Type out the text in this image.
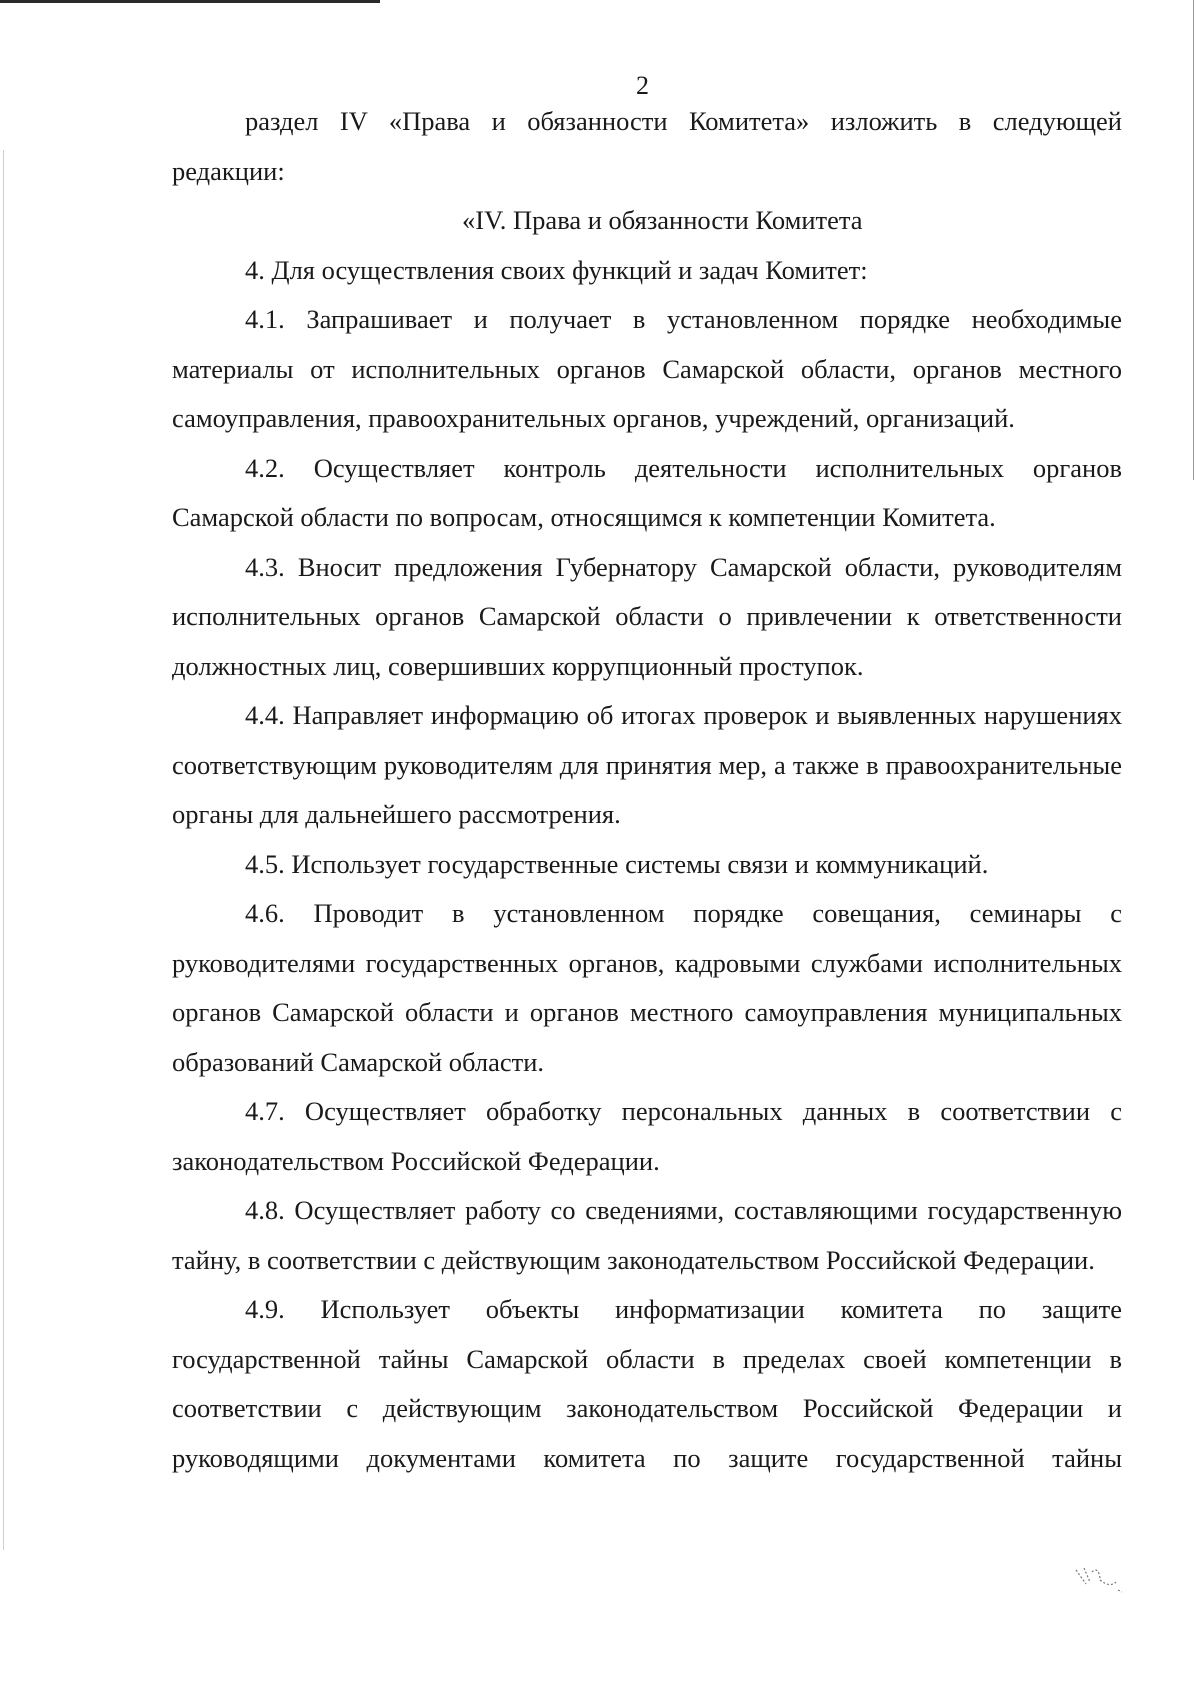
2

раздел IV «Права и обязанности Комитета» изложить в следующей

редакции:

«IV. Права и обязанности Комитета

4. Для осуществления своих функций и задач Комитет:

4.1. Запрашивает и получает в установленном порядке необходимые материалы от исполнительных органов Самарской области, органов местного самоуправления, правоохранительных органов, учреждений, организаций.

4.2. Осуществляет контроль деятельности исполнительных органов Самарской области по вопросам, относящимся к компетенции Комитета.

4.3. Вносит предложения Губернатору Самарской области, руководителям исполнительных органов Самарской области о привлечении к ответственности должностных лиц, совершивших коррупционный проступок.

4.4. Направляет информацию об итогах проверок и выявленных нарушениях соответствующим руководителям для принятия мер, а также в правоохранительные органы для дальнейшего рассмотрения.

4.5. Использует государственные системы связи и коммуникаций.

4.6. Проводит в установленном порядке совещания, семинары с руководителями государственных органов, кадровыми службами исполнительных органов Самарской области и органов местного самоуправления муниципальных образований Самарской области.

4.7. Осуществляет обработку персональных данных в соответствии с законодательством Российской Федерации.

4.8. Осуществляет работу со сведениями, составляющими государственную тайну, в соответствии с действующим законодательством Российской Федерации.

4.9. Использует объекты информатизации комитета по защите государственной тайны Самарской области в пределах своей компетенции в соответствии с действующим законодательством Российской Федерации и руководящими документами комитета по защите государственной тайны
